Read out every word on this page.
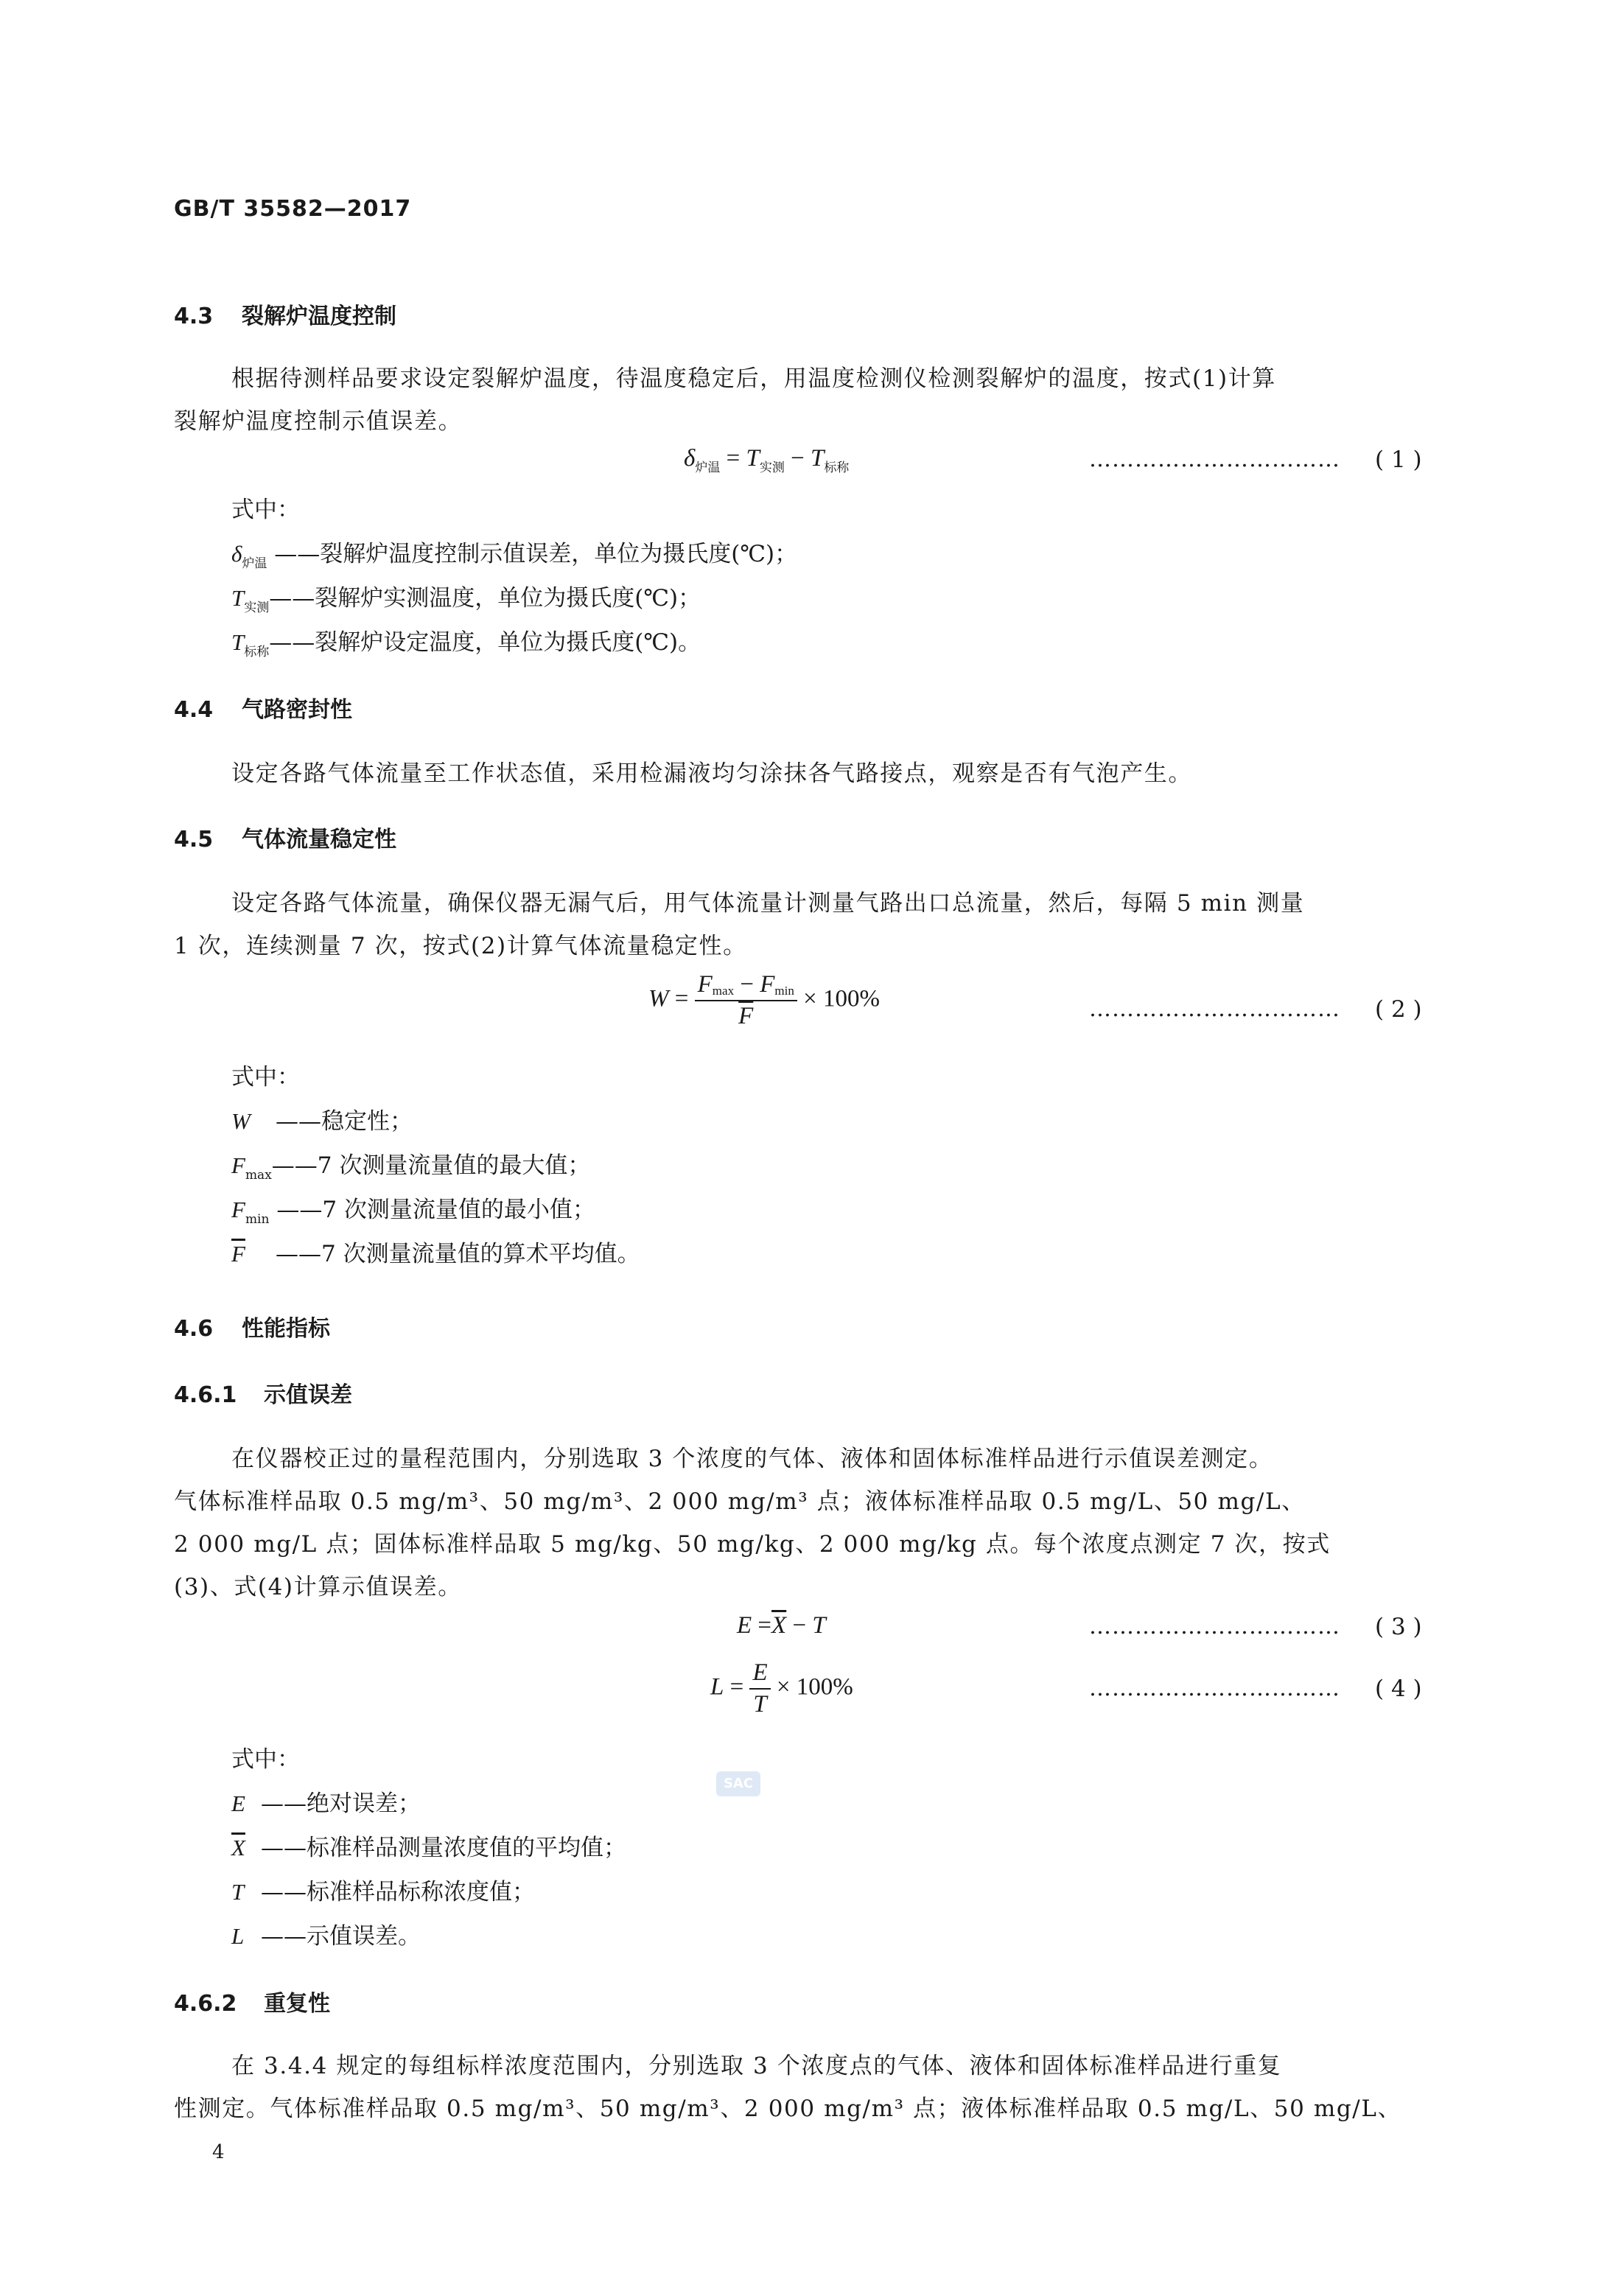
GB/T 35582—2017
4.3 裂解炉温度控制
根据待测样品要求设定裂解炉温度，待温度稳定后，用温度检测仪检测裂解炉的温度，按式(1)计算
裂解炉温度控制示值误差。
$\delta_{炉温} = T_{实测} - T_{标称}$	…………………………… ( 1 )
式中：
$\delta_{炉温}$ ——裂解炉温度控制示值误差，单位为摄氏度(℃)；
$T_{实测}——$裂解炉实测温度，单位为摄氏度(℃)；
$T_{标称}——$裂解炉设定温度，单位为摄氏度(℃)。
4.4 气路密封性
设定各路气体流量至工作状态值，采用检漏液均匀涂抹各气路接点，观察是否有气泡产生。
4.5 气体流量稳定性
设定各路气体流量，确保仪器无漏气后，用气体流量计测量气路出口总流量，然后，每隔 5 min 测量
1 次，连续测量 7 次，按式(2)计算气体流量稳定性。
$W = \frac{Fmax - Fmin}{F} \times 100\%$	…………………………… ( 2 )
式中：
W ——稳定性；
$F_{max}——7$ 次测量流量值的最大值；
$F_{min}$ ——7 次测量流量值的最小值；
$\overline{F}$ ——7 次测量流量值的算术平均值。
4.6 性能指标
4.6.1 示值误差
在仪器校正过的量程范围内，分别选取 3 个浓度的气体、液体和固体标准样品进行示值误差测定。
气体标准样品取 0.5 mg/m³、50 mg/m³、2 000 mg/m³ 点；液体标准样品取 0.5 mg/L、50 mg/L、
2 000 mg/L 点；固体标准样品取 5 mg/kg、50 mg/kg、2 000 mg/kg 点。每个浓度点测定 7 次，按式
(3)、式(4)计算示值误差。
$E =\overline{X} - T$	…………………………… ( 3 )
$L = \frac{E}{T} \times 100\%$	…………………………… ( 4 )
式中：
SAC
E ——绝对误差；
$\overline{X}$ ——标准样品测量浓度值的平均值；
T ——标准样品标称浓度值；
L ——示值误差。
4.6.2 重复性
在 3.4.4 规定的每组标样浓度范围内，分别选取 3 个浓度点的气体、液体和固体标准样品进行重复
性测定。气体标准样品取 0.5 mg/m³、50 mg/m³、2 000 mg/m³ 点；液体标准样品取 0.5 mg/L、50 mg/L、
4
